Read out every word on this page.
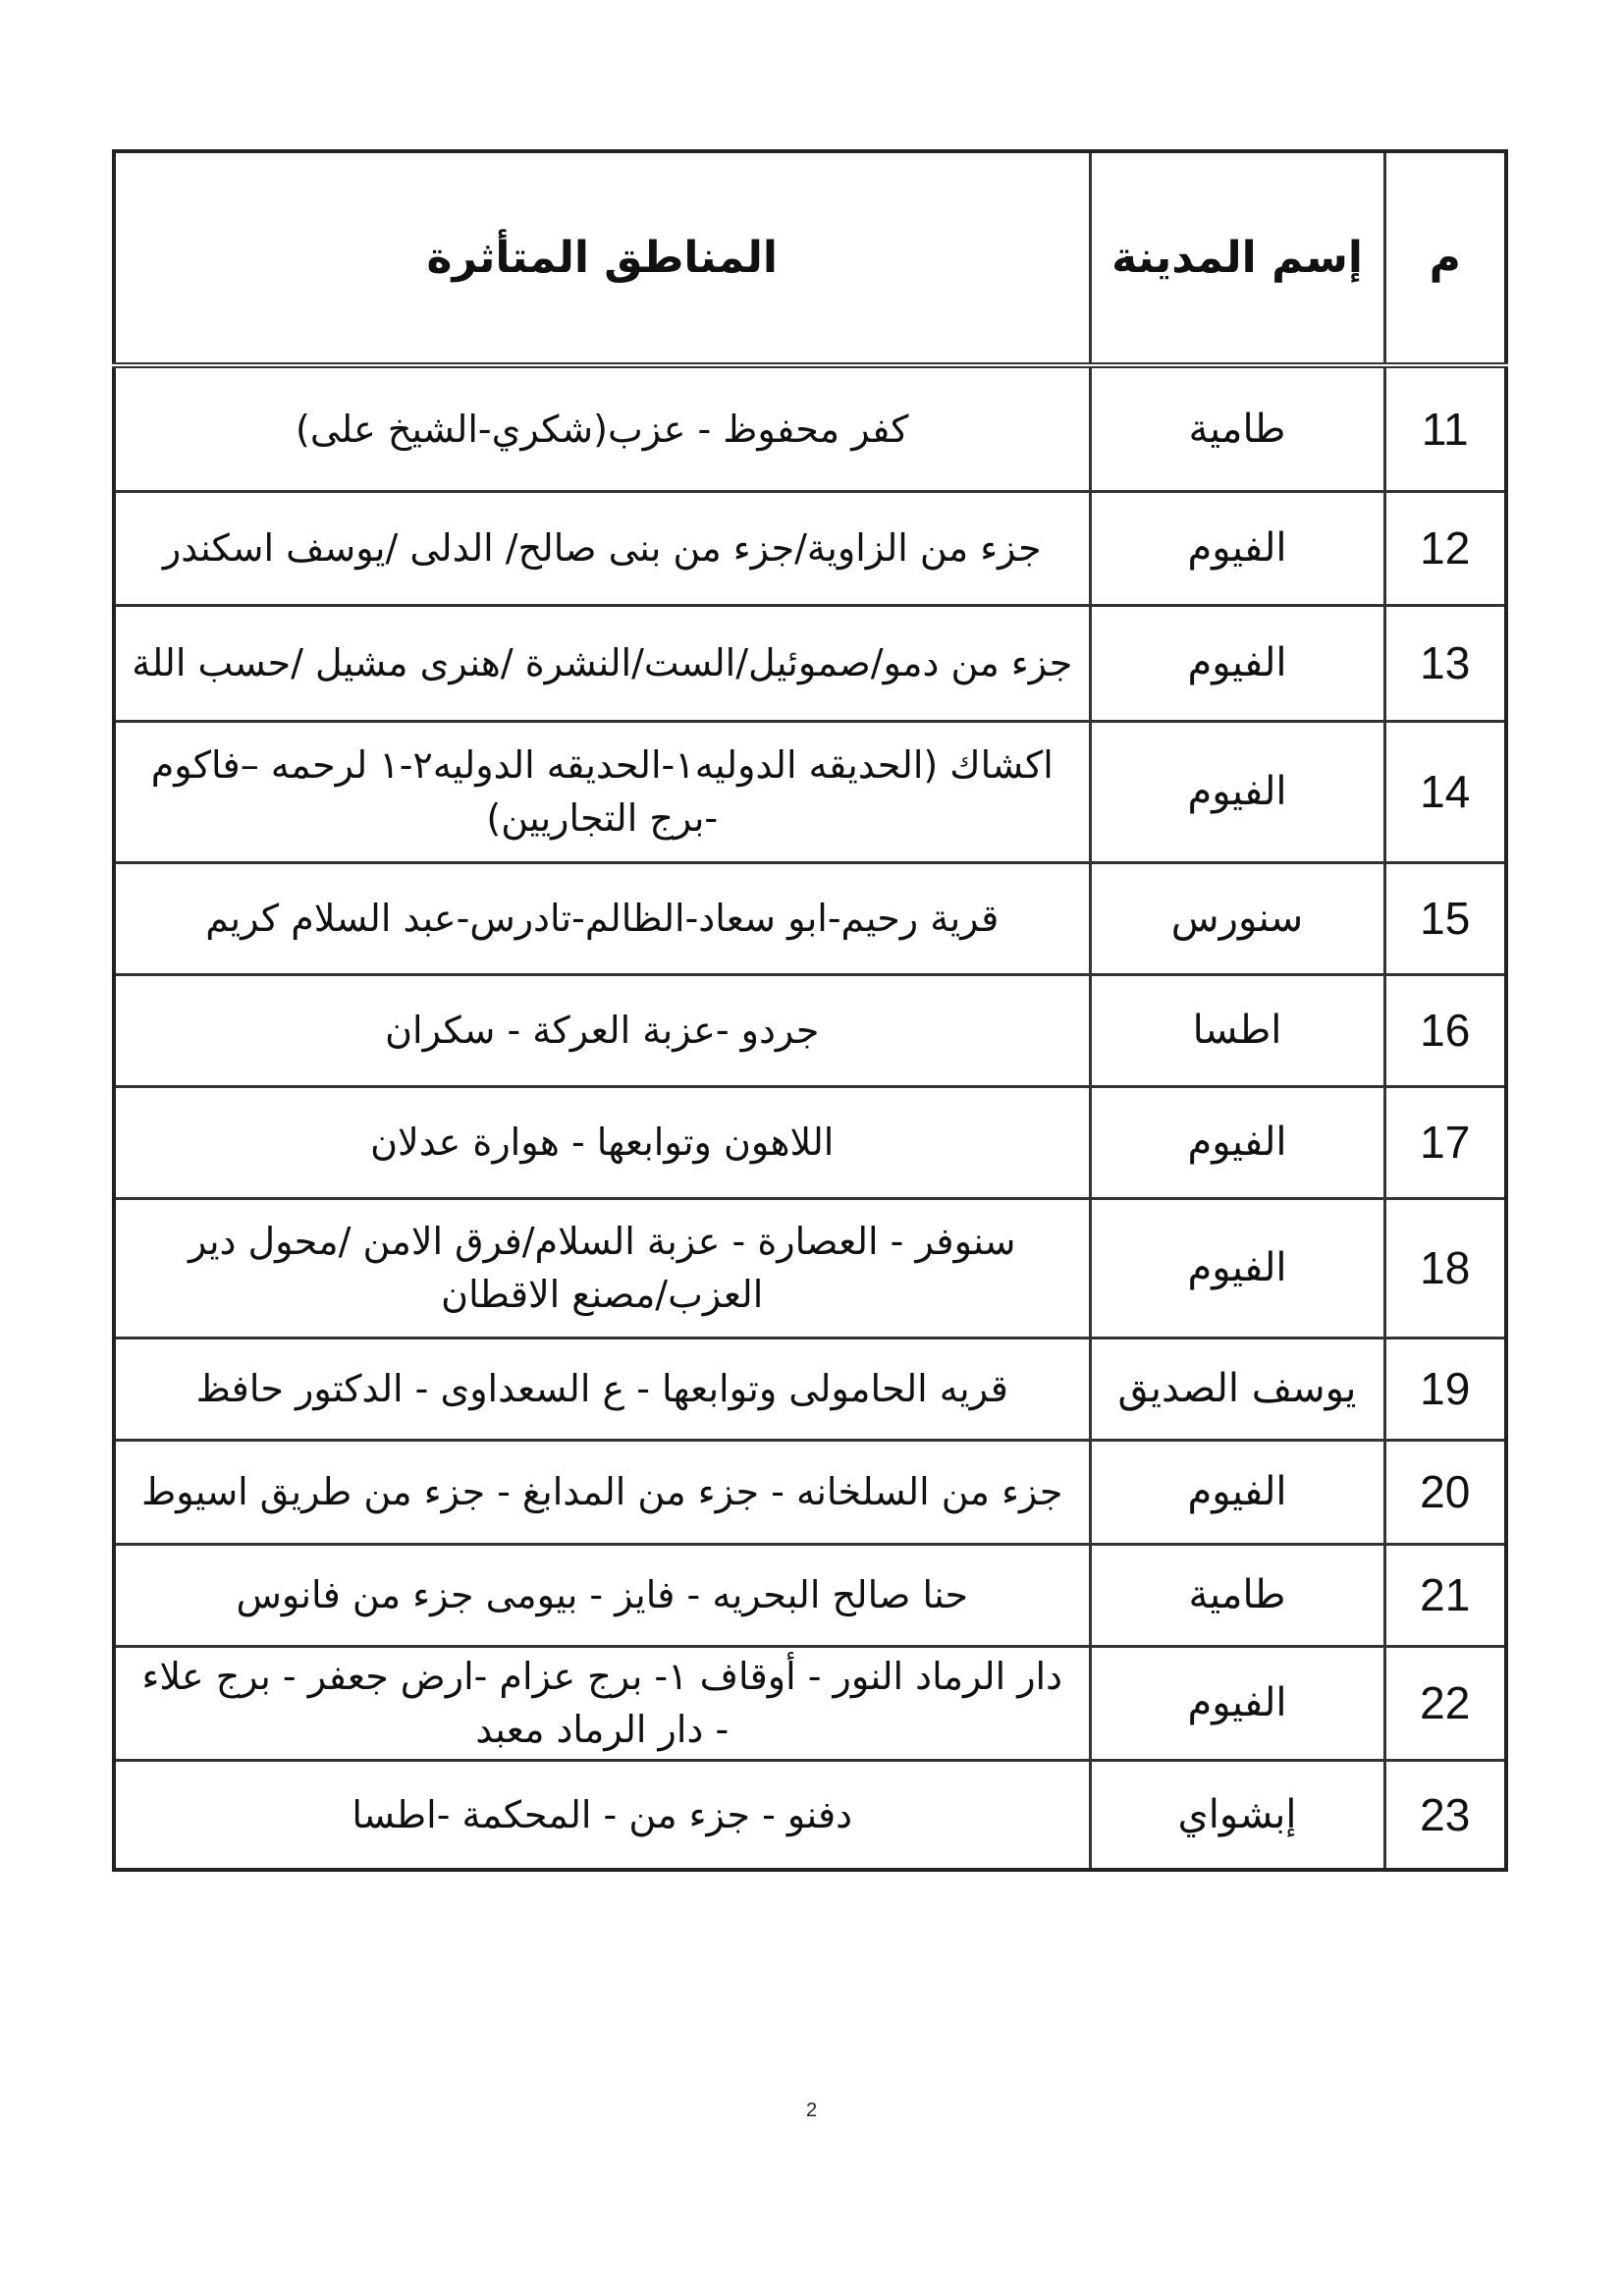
م	إسم المدينة	المناطق المتأثرة
11	طامية	كفر محفوظ - عزب(شكري-الشيخ على)
12	الفيوم	جزء من الزاوية/جزء من بنى صالح/ الدلى /يوسف اسكندر
13	الفيوم	جزء من دمو/صموئيل/الست/النشرة /هنرى مشيل /حسب اللة
14	الفيوم	اكشاك (الحديقه الدوليه١-الحديقه الدوليه٢-١ لرحمه –فاكوم -برج التجاريين)
15	سنورس	قرية رحيم-ابو سعاد-الظالم-تادرس-عبد السلام كريم
16	اطسا	جردو -عزبة العركة - سكران
17	الفيوم	اللاهون وتوابعها - هوارة عدلان
18	الفيوم	سنوفر - العصارة - عزبة السلام/فرق الامن /محول دير العزب/مصنع الاقطان
19	يوسف الصديق	قريه الحامولى وتوابعها - ع السعداوى - الدكتور حافظ
20	الفيوم	جزء من السلخانه - جزء من المدابغ - جزء من طريق اسيوط
21	طامية	حنا صالح البحريه - فايز - بيومى جزء من فانوس
22	الفيوم	دار الرماد النور - أوقاف ١- برج عزام -ارض جعفر - برج علاء - دار الرماد معبد
23	إبشواي	دفنو - جزء من - المحكمة -اطسا
2
